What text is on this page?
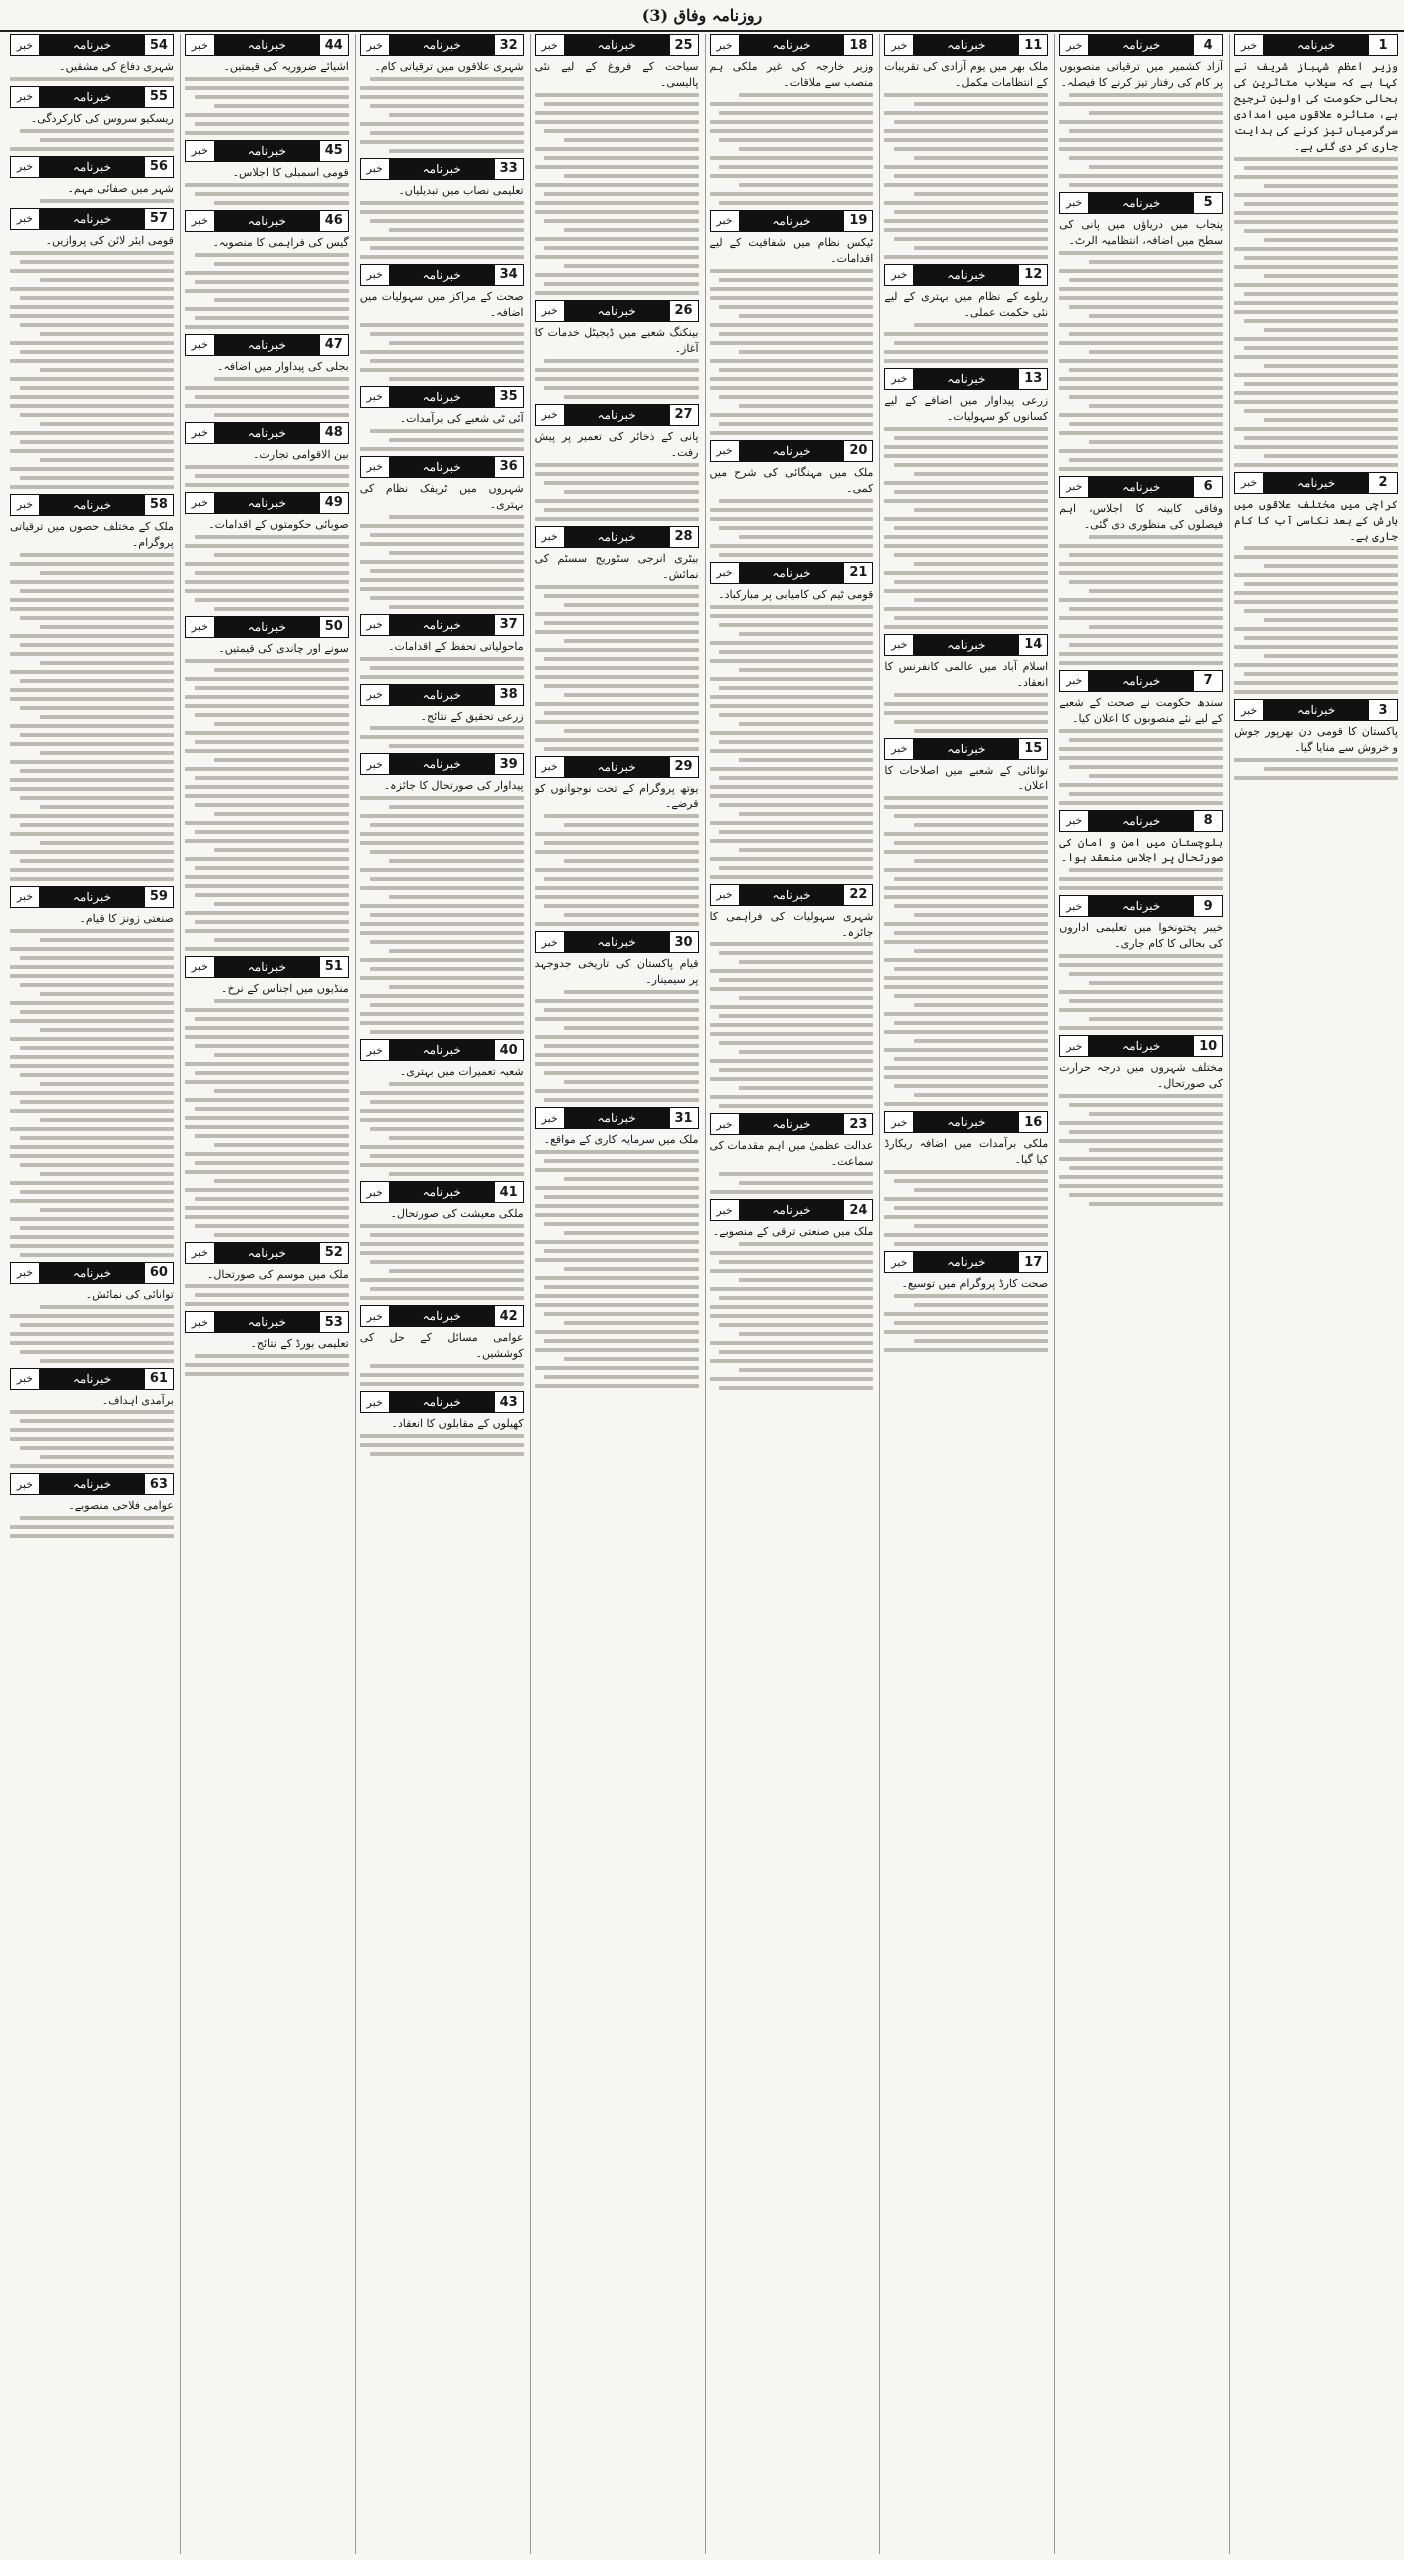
روزنامہ وفاق (3)
1
خبرنامہ
خبر
وزیر اعظم شہباز شریف نے کہا ہے کہ سیلاب متاثرین کی بحالی حکومت کی اولین ترجیح ہے، متاثرہ علاقوں میں امدادی سرگرمیاں تیز کرنے کی ہدایت جاری کر دی گئی ہے۔
2
خبرنامہ
خبر
کراچی میں مختلف علاقوں میں بارش کے بعد نکاسی آب کا کام جاری ہے۔
3
خبرنامہ
خبر
پاکستان کا قومی دن بھرپور جوش و خروش سے منایا گیا۔
4
خبرنامہ
خبر
آزاد کشمیر میں ترقیاتی منصوبوں پر کام کی رفتار تیز کرنے کا فیصلہ۔
5
خبرنامہ
خبر
پنجاب میں دریاؤں میں پانی کی سطح میں اضافہ، انتظامیہ الرٹ۔
6
خبرنامہ
خبر
وفاقی کابینہ کا اجلاس، اہم فیصلوں کی منظوری دی گئی۔
7
خبرنامہ
خبر
سندھ حکومت نے صحت کے شعبے کے لیے نئے منصوبوں کا اعلان کیا۔
8
خبرنامہ
خبر
بلوچستان میں امن و امان کی صورتحال پر اجلاس منعقد ہوا۔
9
خبرنامہ
خبر
خیبر پختونخوا میں تعلیمی اداروں کی بحالی کا کام جاری۔
10
خبرنامہ
خبر
مختلف شہروں میں درجہ حرارت کی صورتحال۔
11
خبرنامہ
خبر
ملک بھر میں یوم آزادی کی تقریبات کے انتظامات مکمل۔
12
خبرنامہ
خبر
ریلوے کے نظام میں بہتری کے لیے نئی حکمت عملی۔
13
خبرنامہ
خبر
زرعی پیداوار میں اضافے کے لیے کسانوں کو سہولیات۔
14
خبرنامہ
خبر
اسلام آباد میں عالمی کانفرنس کا انعقاد۔
15
خبرنامہ
خبر
توانائی کے شعبے میں اصلاحات کا اعلان۔
16
خبرنامہ
خبر
ملکی برآمدات میں اضافہ ریکارڈ کیا گیا۔
17
خبرنامہ
خبر
صحت کارڈ پروگرام میں توسیع۔
18
خبرنامہ
خبر
وزیر خارجہ کی غیر ملکی ہم منصب سے ملاقات۔
19
خبرنامہ
خبر
ٹیکس نظام میں شفافیت کے لیے اقدامات۔
20
خبرنامہ
خبر
ملک میں مہنگائی کی شرح میں کمی۔
21
خبرنامہ
خبر
قومی ٹیم کی کامیابی پر مبارکباد۔
22
خبرنامہ
خبر
شہری سہولیات کی فراہمی کا جائزہ۔
23
خبرنامہ
خبر
عدالت عظمیٰ میں اہم مقدمات کی سماعت۔
24
خبرنامہ
خبر
ملک میں صنعتی ترقی کے منصوبے۔
25
خبرنامہ
خبر
سیاحت کے فروغ کے لیے نئی پالیسی۔
26
خبرنامہ
خبر
بینکنگ شعبے میں ڈیجیٹل خدمات کا آغاز۔
27
خبرنامہ
خبر
پانی کے ذخائر کی تعمیر پر پیش رفت۔
28
خبرنامہ
خبر
بیٹری انرجی سٹوریج سسٹم کی نمائش۔
29
خبرنامہ
خبر
یوتھ پروگرام کے تحت نوجوانوں کو قرضے۔
30
خبرنامہ
خبر
قیام پاکستان کی تاریخی جدوجہد پر سیمینار۔
31
خبرنامہ
خبر
ملک میں سرمایہ کاری کے مواقع۔
32
خبرنامہ
خبر
شہری علاقوں میں ترقیاتی کام۔
33
خبرنامہ
خبر
تعلیمی نصاب میں تبدیلیاں۔
34
خبرنامہ
خبر
صحت کے مراکز میں سہولیات میں اضافہ۔
35
خبرنامہ
خبر
آئی ٹی شعبے کی برآمدات۔
36
خبرنامہ
خبر
شہروں میں ٹریفک نظام کی بہتری۔
37
خبرنامہ
خبر
ماحولیاتی تحفظ کے اقدامات۔
38
خبرنامہ
خبر
زرعی تحقیق کے نتائج۔
39
خبرنامہ
خبر
پیداوار کی صورتحال کا جائزہ۔
40
خبرنامہ
خبر
شعبہ تعمیرات میں بہتری۔
41
خبرنامہ
خبر
ملکی معیشت کی صورتحال۔
42
خبرنامہ
خبر
عوامی مسائل کے حل کی کوششیں۔
43
خبرنامہ
خبر
کھیلوں کے مقابلوں کا انعقاد۔
44
خبرنامہ
خبر
اشیائے ضروریہ کی قیمتیں۔
45
خبرنامہ
خبر
قومی اسمبلی کا اجلاس۔
46
خبرنامہ
خبر
گیس کی فراہمی کا منصوبہ۔
47
خبرنامہ
خبر
بجلی کی پیداوار میں اضافہ۔
48
خبرنامہ
خبر
بین الاقوامی تجارت۔
49
خبرنامہ
خبر
صوبائی حکومتوں کے اقدامات۔
50
خبرنامہ
خبر
سونے اور چاندی کی قیمتیں۔
51
خبرنامہ
خبر
منڈیوں میں اجناس کے نرخ۔
52
خبرنامہ
خبر
ملک میں موسم کی صورتحال۔
53
خبرنامہ
خبر
تعلیمی بورڈ کے نتائج۔
54
خبرنامہ
خبر
شہری دفاع کی مشقیں۔
55
خبرنامہ
خبر
ریسکیو سروس کی کارکردگی۔
56
خبرنامہ
خبر
شہر میں صفائی مہم۔
57
خبرنامہ
خبر
قومی ایئر لائن کی پروازیں۔
58
خبرنامہ
خبر
ملک کے مختلف حصوں میں ترقیاتی پروگرام۔
59
خبرنامہ
خبر
صنعتی زونز کا قیام۔
60
خبرنامہ
خبر
توانائی کی نمائش۔
61
خبرنامہ
خبر
برآمدی اہداف۔
63
خبرنامہ
خبر
عوامی فلاحی منصوبے۔
